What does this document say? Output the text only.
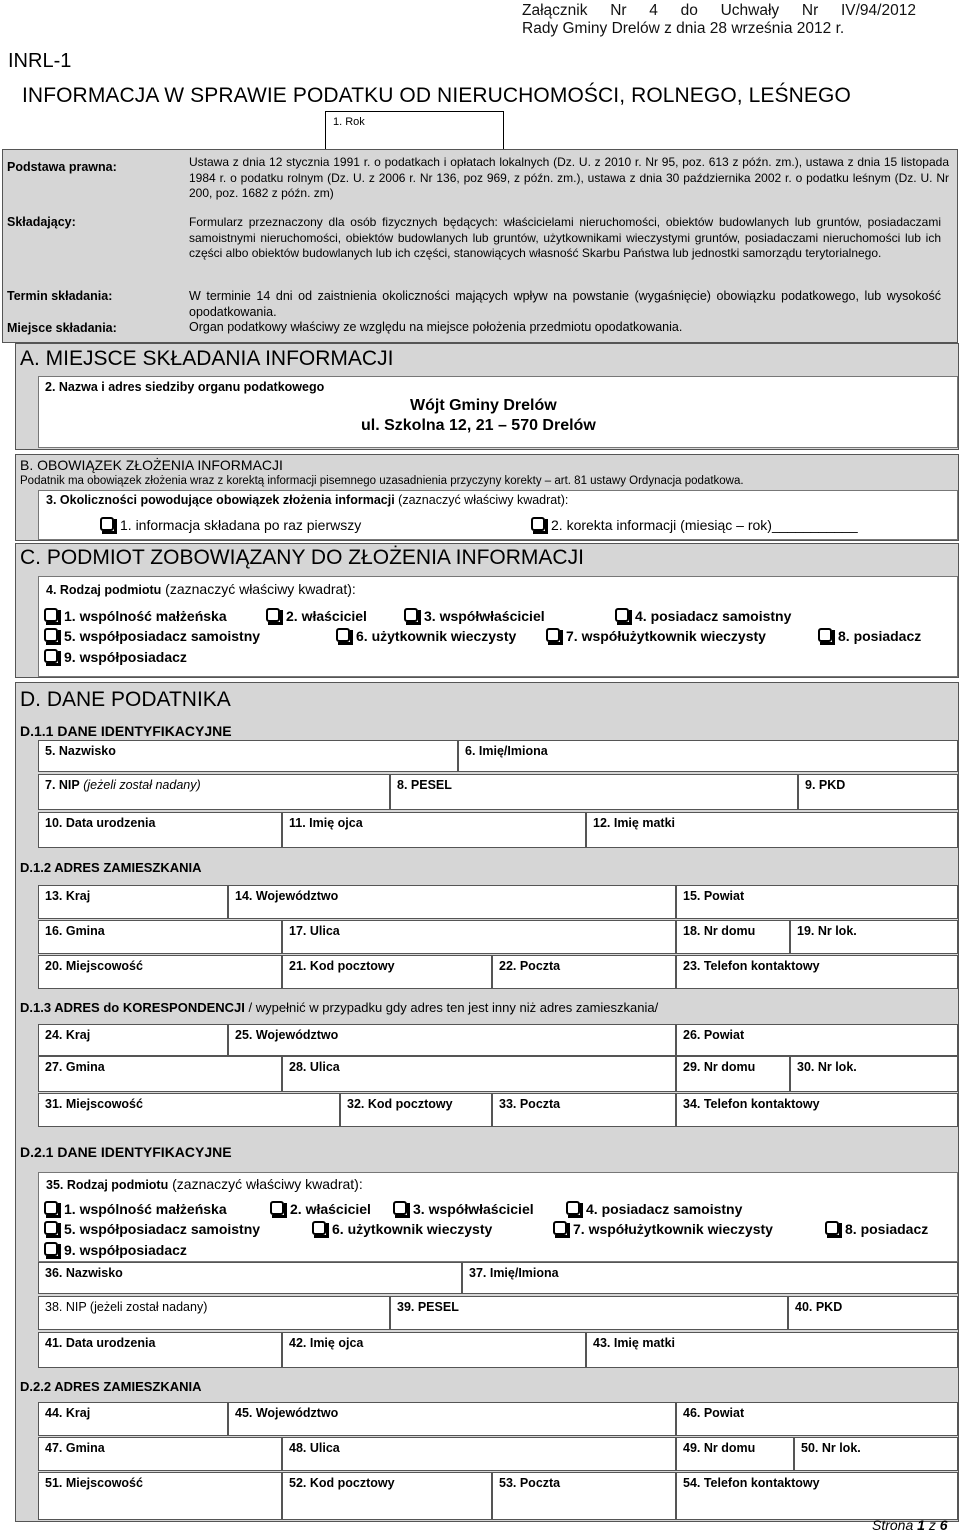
Załącznik Nr 4 do Uchwały Nr IV/94/2012
Rady Gminy Drelów z dnia 28 września 2012 r.
INRL-1
INFORMACJA W SPRAWIE PODATKU OD NIERUCHOMOŚCI, ROLNEGO, LEŚNEGO
1. Rok
Podstawa prawna:	Ustawa z dnia 12 stycznia 1991 r. o podatkach i opłatach lokalnych (Dz. U. z 2010 r. Nr 95, poz. 613 z późn. zm.), ustawa z dnia 15 listopada 1984 r. o podatku rolnym (Dz. U. z 2006 r. Nr 136, poz 969, z późn. zm.), ustawa z dnia 30 października 2002 r. o podatku leśnym (Dz. U. Nr 200, poz. 1682 z późn. zm)
Składający:	Formularz przeznaczony dla osób fizycznych będących: właścicielami nieruchomości, obiektów budowlanych lub gruntów, posiadaczami samoistnymi nieruchomości, obiektów budowlanych lub gruntów, użytkownikami wieczystymi gruntów, posiadaczami nieruchomości lub ich części albo obiektów budowlanych lub ich części, stanowiących własność Skarbu Państwa lub jednostki samorządu terytorialnego.
Termin składania:	W terminie 14 dni od zaistnienia okoliczności mających wpływ na powstanie (wygaśnięcie) obowiązku podatkowego, lub wysokość opodatkowania.
Miejsce składania:	Organ podatkowy właściwy ze względu na miejsce położenia przedmiotu opodatkowania.
A. MIEJSCE SKŁADANIA INFORMACJI
2. Nazwa i adres siedziby organu podatkowego
Wójt Gminy Drelów
ul. Szkolna 12, 21 – 570 Drelów
B. OBOWIĄZEK ZŁOŻENIA INFORMACJI
Podatnik ma obowiązek złożenia wraz z korektą informacji pisemnego uzasadnienia przyczyny korekty – art. 81 ustawy Ordynacja podatkowa.
3. Okoliczności powodujące obowiązek złożenia informacji (zaznaczyć właściwy kwadrat):
1. informacja składana po raz pierwszy	2. korekta informacji (miesiąc – rok)___________
C. PODMIOT ZOBOWIĄZANY DO ZŁOŻENIA INFORMACJI
4. Rodzaj podmiotu (zaznaczyć właściwy kwadrat):
1. wspólność małżeńska	2. właściciel	3. współwłaściciel	4. posiadacz samoistny
5. współposiadacz samoistny	6. użytkownik wieczysty	7. współużytkownik wieczysty	8. posiadacz
9. współposiadacz
D. DANE PODATNIKA
D.1.1 DANE IDENTYFIKACYJNE
5. Nazwisko	6. Imię/Imiona
7. NIP (jeżeli został nadany)	8. PESEL	9. PKD
10. Data urodzenia	11. Imię ojca	12. Imię matki
D.1.2 ADRES ZAMIESZKANIA
13. Kraj	14. Województwo	15. Powiat
16. Gmina	17. Ulica	18. Nr domu	19. Nr lok.
20. Miejscowość	21. Kod pocztowy	22. Poczta	23. Telefon kontaktowy
D.1.3 ADRES do KORESPONDENCJI / wypełnić w przypadku gdy adres ten jest inny niż adres zamieszkania/
24. Kraj	25. Województwo	26. Powiat
27. Gmina	28. Ulica	29. Nr domu	30. Nr lok.
31. Miejscowość	32. Kod pocztowy	33. Poczta	34. Telefon kontaktowy
D.2.1 DANE IDENTYFIKACYJNE
35. Rodzaj podmiotu (zaznaczyć właściwy kwadrat):
1. wspólność małżeńska	2. właściciel	3. współwłaściciel	4. posiadacz samoistny
5. współposiadacz samoistny	6. użytkownik wieczysty	7. współużytkownik wieczysty	8. posiadacz
9. współposiadacz
36. Nazwisko	37. Imię/Imiona
38. NIP (jeżeli został nadany)	39. PESEL	40. PKD
41. Data urodzenia	42. Imię ojca	43. Imię matki
D.2.2 ADRES ZAMIESZKANIA
44. Kraj	45. Województwo	46. Powiat
47. Gmina	48. Ulica	49. Nr domu	50. Nr lok.
51. Miejscowość	52. Kod pocztowy	53. Poczta	54. Telefon kontaktowy
Strona 1 z 6
